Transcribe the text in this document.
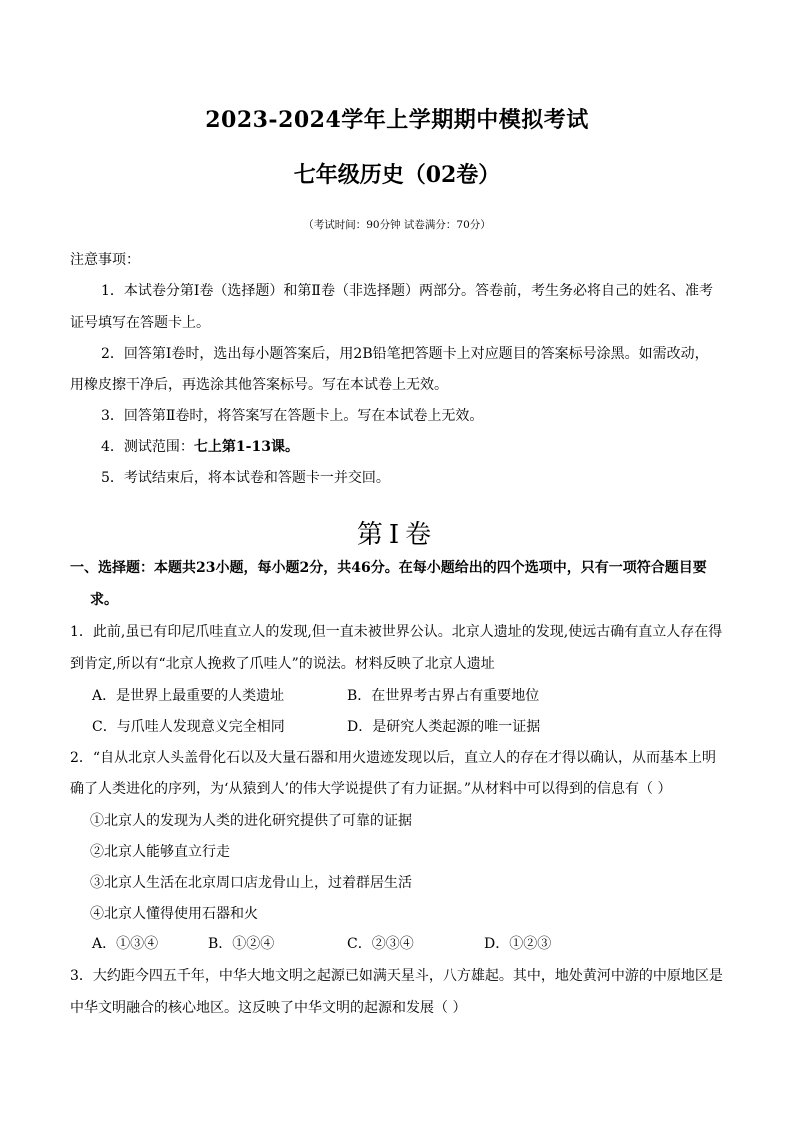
2023-2024学年上学期期中模拟考试
七年级历史（02卷）
（考试时间：90分钟 试卷满分：70分）
注意事项：
1．本试卷分第Ⅰ卷（选择题）和第Ⅱ卷（非选择题）两部分。答卷前，考生务必将自己的姓名、准考
证号填写在答题卡上。
2．回答第Ⅰ卷时，选出每小题答案后，用2B铅笔把答题卡上对应题目的答案标号涂黑。如需改动，
用橡皮擦干净后，再选涂其他答案标号。写在本试卷上无效。
3．回答第Ⅱ卷时，将答案写在答题卡上。写在本试卷上无效。
4．测试范围：七上第1-13课。
5．考试结束后，将本试卷和答题卡一并交回。
第Ⅰ卷
一、选择题：本题共23小题，每小题2分，共46分。在每小题给出的四个选项中，只有一项符合题目要
求。
1．此前,虽已有印尼爪哇直立人的发现,但一直未被世界公认。北京人遗址的发现,使远古确有直立人存在得
到肯定,所以有“北京人挽救了爪哇人”的说法。材料反映了北京人遗址
A．是世界上最重要的人类遗址	B．在世界考古界占有重要地位
C．与爪哇人发现意义完全相同	D．是研究人类起源的唯一证据
2．“自从北京人头盖骨化石以及大量石器和用火遗迹发现以后，直立人的存在才得以确认，从而基本上明
确了人类进化的序列，为‘从猿到人’的伟大学说提供了有力证据。”从材料中可以得到的信息有（ ）
①北京人的发现为人类的进化研究提供了可靠的证据
②北京人能够直立行走
③北京人生活在北京周口店龙骨山上，过着群居生活
④北京人懂得使用石器和火
A．①③④	B．①②④	C．②③④	D．①②③
3．大约距今四五千年，中华大地文明之起源已如满天星斗，八方雄起。其中，地处黄河中游的中原地区是
中华文明融合的核心地区。这反映了中华文明的起源和发展（ ）
